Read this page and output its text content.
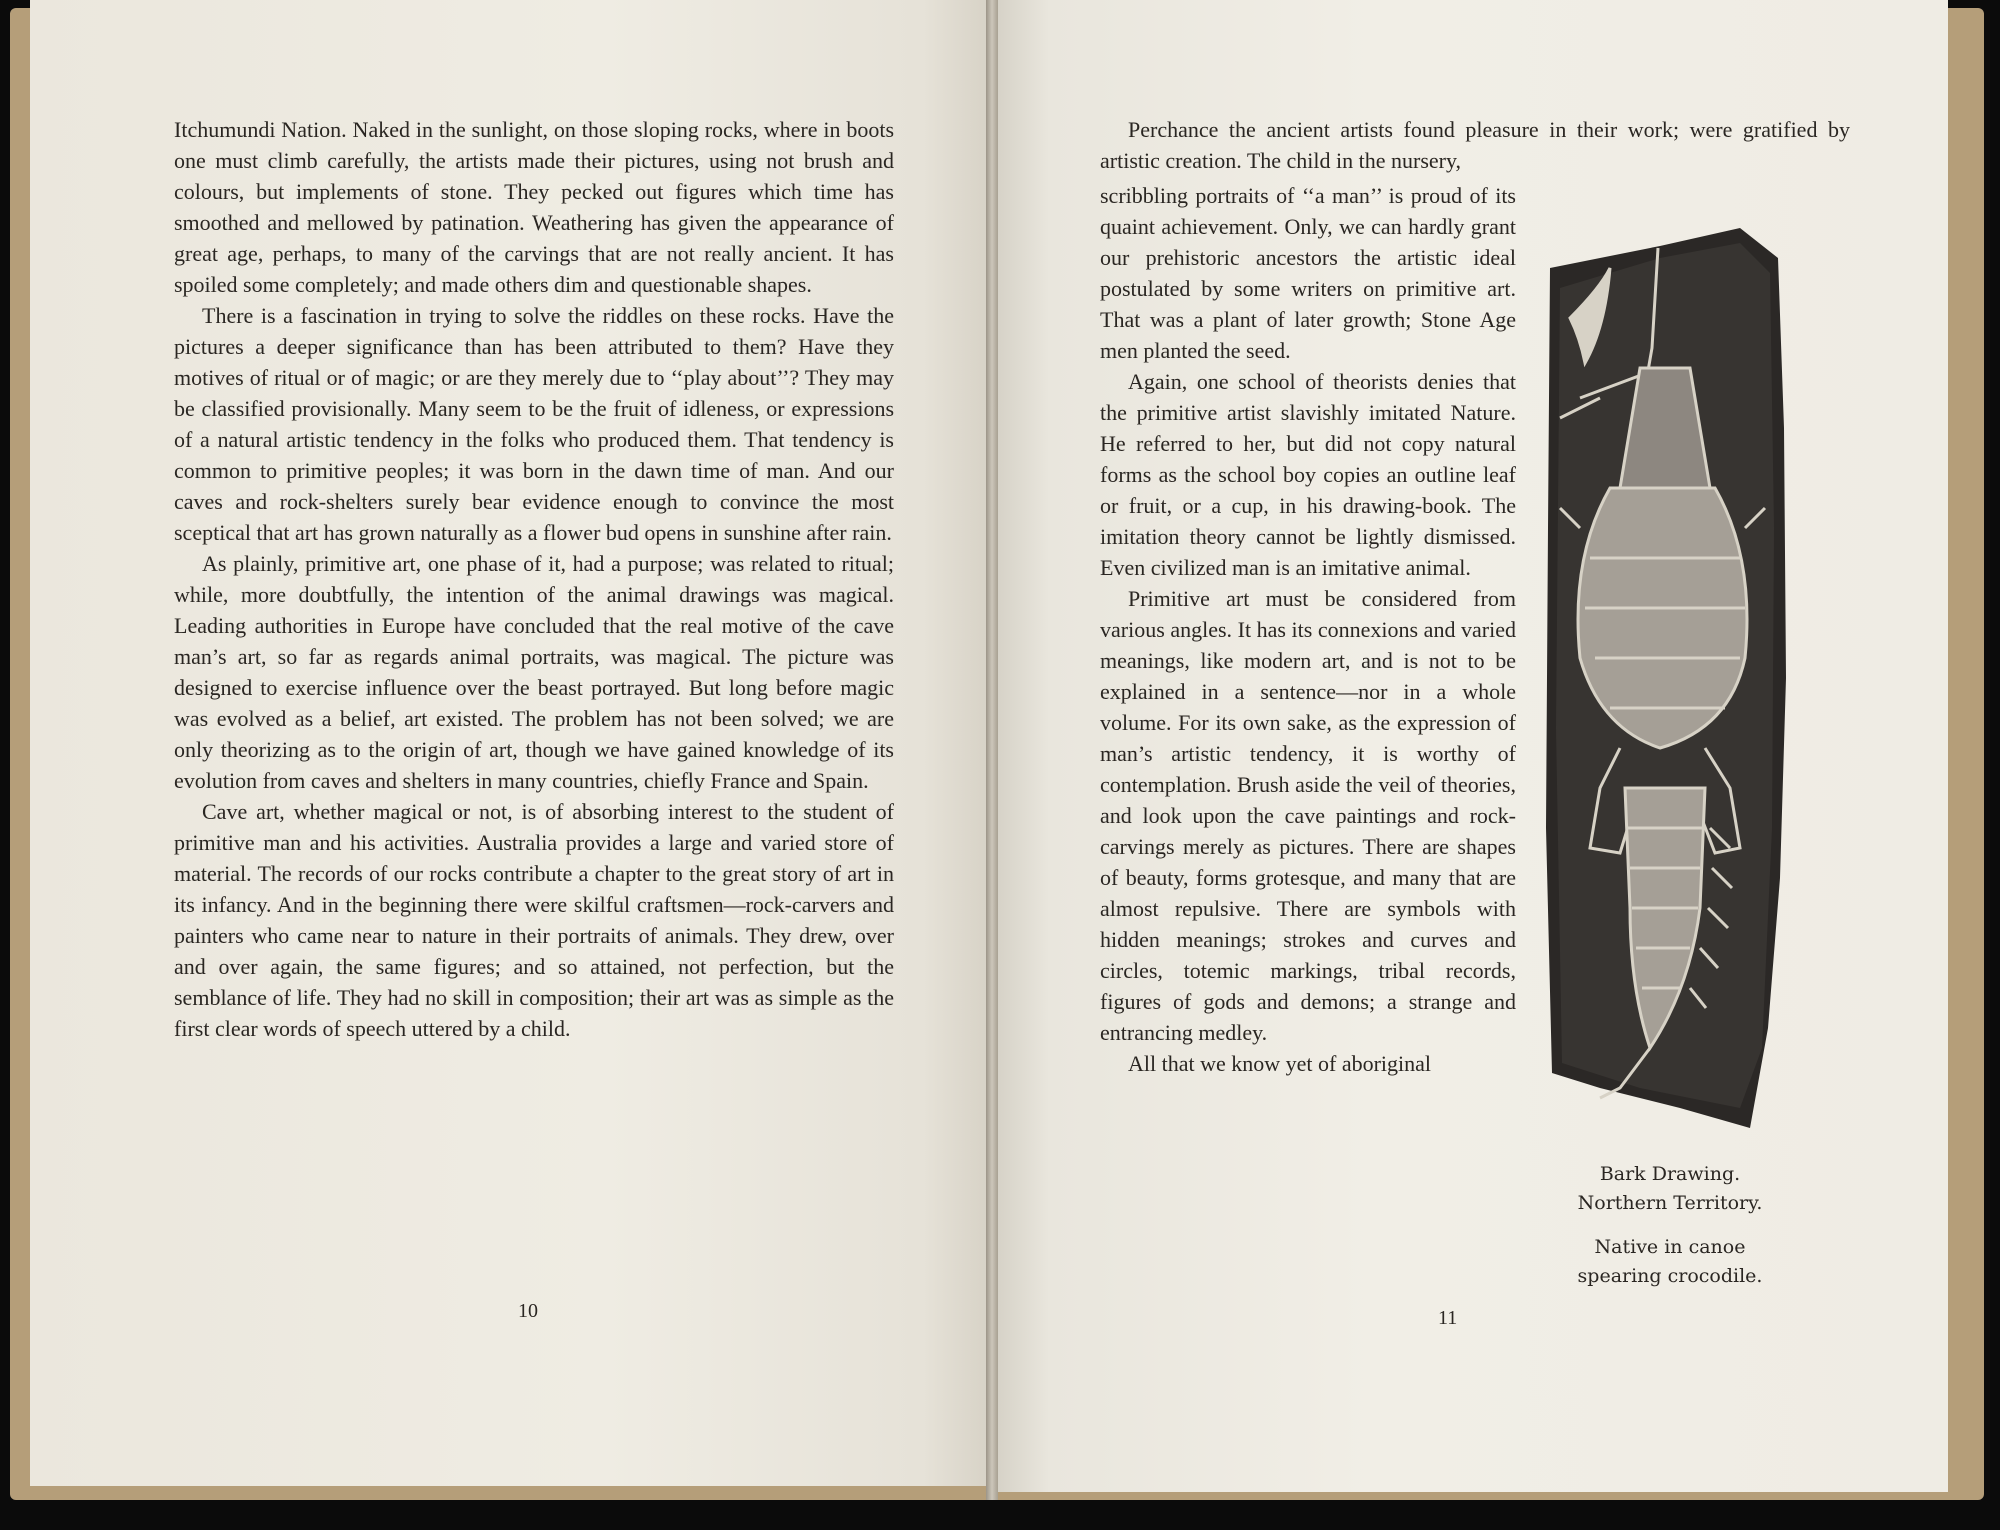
Itchumundi Nation. Naked in the sunlight, on those sloping rocks, where in boots one must climb carefully, the artists made their pictures, using not brush and colours, but implements of stone. They pecked out figures which time has smoothed and mellowed by patination. Weathering has given the appearance of great age, perhaps, to many of the carvings that are not really ancient. It has spoiled some completely; and made others dim and questionable shapes.

There is a fascination in trying to solve the riddles on these rocks. Have the pictures a deeper significance than has been attributed to them? Have they motives of ritual or of magic; or are they merely due to ‘‘play about’’? They may be classified provisionally. Many seem to be the fruit of idleness, or expressions of a natural artistic tendency in the folks who produced them. That tendency is common to primitive peoples; it was born in the dawn time of man. And our caves and rock-shelters surely bear evidence enough to convince the most sceptical that art has grown naturally as a flower bud opens in sunshine after rain.

As plainly, primitive art, one phase of it, had a purpose; was related to ritual; while, more doubtfully, the intention of the animal drawings was magical. Leading authorities in Europe have concluded that the real motive of the cave man’s art, so far as regards animal portraits, was magical. The picture was designed to exercise influence over the beast portrayed. But long before magic was evolved as a belief, art existed. The problem has not been solved; we are only theorizing as to the origin of art, though we have gained knowledge of its evolution from caves and shelters in many countries, chiefly France and Spain.

Cave art, whether magical or not, is of absorbing interest to the student of primitive man and his activities. Australia provides a large and varied store of material. The records of our rocks contribute a chapter to the great story of art in its infancy. And in the beginning there were skilful craftsmen—rock-carvers and painters who came near to nature in their portraits of animals. They drew, over and over again, the same figures; and so attained, not perfection, but the semblance of life. They had no skill in composition; their art was as simple as the first clear words of speech uttered by a child.

10

Perchance the ancient artists found pleasure in their work; were gratified by artistic creation. The child in the nursery,

scribbling portraits of ‘‘a man’’ is proud of its quaint achievement. Only, we can hardly grant our prehistoric ancestors the artistic ideal postulated by some writers on primitive art. That was a plant of later growth; Stone Age men planted the seed.

Again, one school of theorists denies that the primitive artist slavishly imitated Nature. He referred to her, but did not copy natural forms as the school boy copies an outline leaf or fruit, or a cup, in his drawing-book. The imitation theory cannot be lightly dismissed. Even civilized man is an imitative animal.

Primitive art must be considered from various angles. It has its connexions and varied meanings, like modern art, and is not to be explained in a sentence—nor in a whole volume. For its own sake, as the expression of man’s artistic tendency, it is worthy of contemplation. Brush aside the veil of theories, and look upon the cave paintings and rock-carvings merely as pictures. There are shapes of beauty, forms grotesque, and many that are almost repulsive. There are symbols with hidden meanings; strokes and curves and circles, totemic markings, tribal records, figures of gods and demons; a strange and entrancing medley.

All that we know yet of aboriginal

11
Bark Drawing.
Northern Territory.
Native in canoe
spearing crocodile.
